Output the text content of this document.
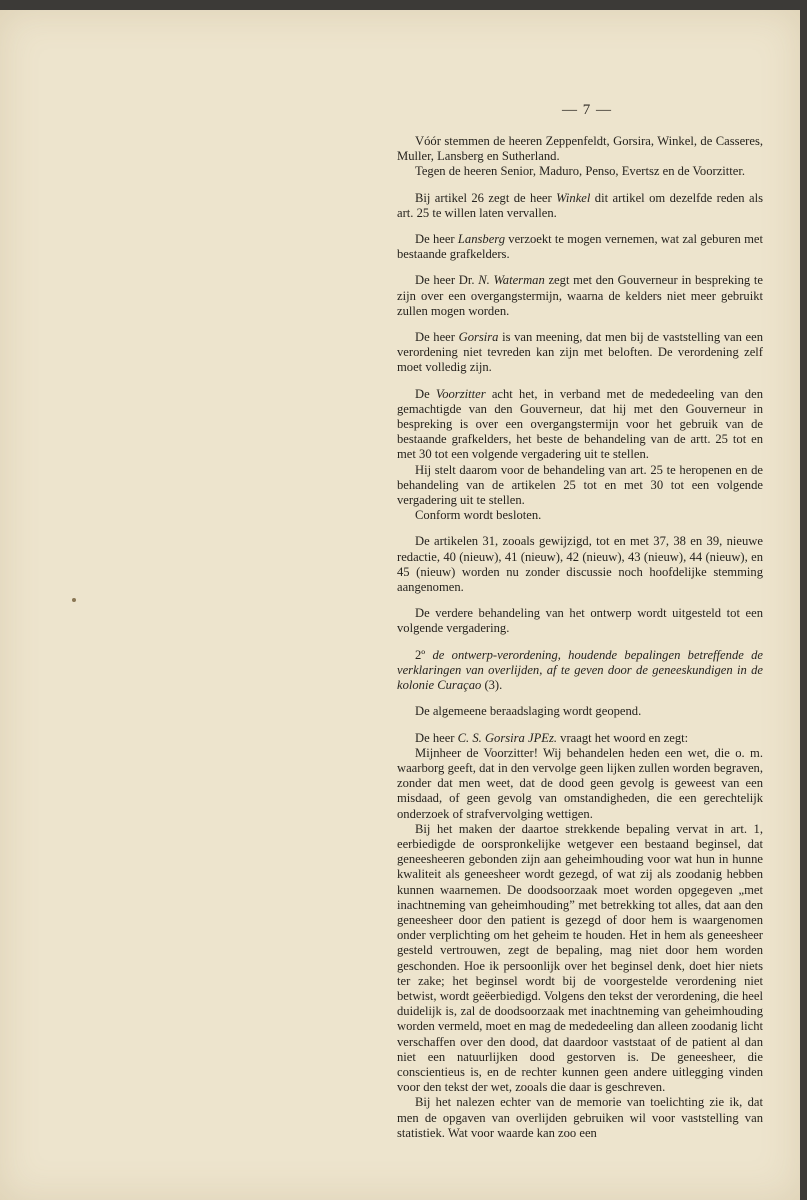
— 7 —

Vóór stemmen de heeren Zeppenfeldt, Gorsira, Winkel, de Casseres, Muller, Lansberg en Sutherland.

Tegen de heeren Senior, Maduro, Penso, Evertsz en de Voorzitter.

Bij artikel 26 zegt de heer Winkel dit artikel om dezelfde reden als art. 25 te willen laten vervallen.

De heer Lansberg verzoekt te mogen vernemen, wat zal geburen met bestaande grafkelders.

De heer Dr. N. Waterman zegt met den Gouverneur in bespreking te zijn over een overgangstermijn, waarna de kelders niet meer gebruikt zullen mogen worden.

De heer Gorsira is van meening, dat men bij de vaststelling van een verordening niet tevreden kan zijn met beloften. De verordening zelf moet volledig zijn.

De Voorzitter acht het, in verband met de mededeeling van den gemachtigde van den Gouverneur, dat hij met den Gouverneur in bespreking is over een overgangstermijn voor het gebruik van de bestaande grafkelders, het beste de behandeling van de artt. 25 tot en met 30 tot een volgende vergadering uit te stellen.

Hij stelt daarom voor de behandeling van art. 25 te heropenen en de behandeling van de artikelen 25 tot en met 30 tot een volgende vergadering uit te stellen.

Conform wordt besloten.

De artikelen 31, zooals gewijzigd, tot en met 37, 38 en 39, nieuwe redactie, 40 (nieuw), 41 (nieuw), 42 (nieuw), 43 (nieuw), 44 (nieuw), en 45 (nieuw) worden nu zonder discussie noch hoofdelijke stemming aangenomen.

De verdere behandeling van het ontwerp wordt uitgesteld tot een volgende vergadering.

2º de ontwerp-verordening, houdende bepalingen betreffende de verklaringen van overlijden, af te geven door de geneeskundigen in de kolonie Curaçao (3).

De algemeene beraadslaging wordt geopend.

De heer C. S. Gorsira JPEz. vraagt het woord en zegt:

Mijnheer de Voorzitter! Wij behandelen heden een wet, die o. m. waarborg geeft, dat in den vervolge geen lijken zullen worden begraven, zonder dat men weet, dat de dood geen gevolg is geweest van een misdaad, of geen gevolg van omstandigheden, die een gerechtelijk onderzoek of strafvervolging wettigen.

Bij het maken der daartoe strekkende bepaling vervat in art. 1, eerbiedigde de oorspronkelijke wetgever een bestaand beginsel, dat geneesheeren gebonden zijn aan geheimhouding voor wat hun in hunne kwaliteit als geneesheer wordt gezegd, of wat zij als zoodanig hebben kunnen waarnemen. De doodsoorzaak moet worden opgegeven „met inachtneming van geheimhouding” met betrekking tot alles, dat aan den geneesheer door den patient is gezegd of door hem is waargenomen onder verplichting om het geheim te houden. Het in hem als geneesheer gesteld vertrouwen, zegt de bepaling, mag niet door hem worden geschonden. Hoe ik persoonlijk over het beginsel denk, doet hier niets ter zake; het beginsel wordt bij de voorgestelde verordening niet betwist, wordt geëerbiedigd. Volgens den tekst der verordening, die heel duidelijk is, zal de doodsoorzaak met inachtneming van geheimhouding worden vermeld, moet en mag de mededeeling dan alleen zoodanig licht verschaffen over den dood, dat daardoor vaststaat of de patient al dan niet een natuurlijken dood gestorven is. De geneesheer, die conscientieus is, en de rechter kunnen geen andere uitlegging vinden voor den tekst der wet, zooals die daar is geschreven.

Bij het nalezen echter van de memorie van toelichting zie ik, dat men de opgaven van overlijden gebruiken wil voor vaststelling van statistiek. Wat voor waarde kan zoo een
